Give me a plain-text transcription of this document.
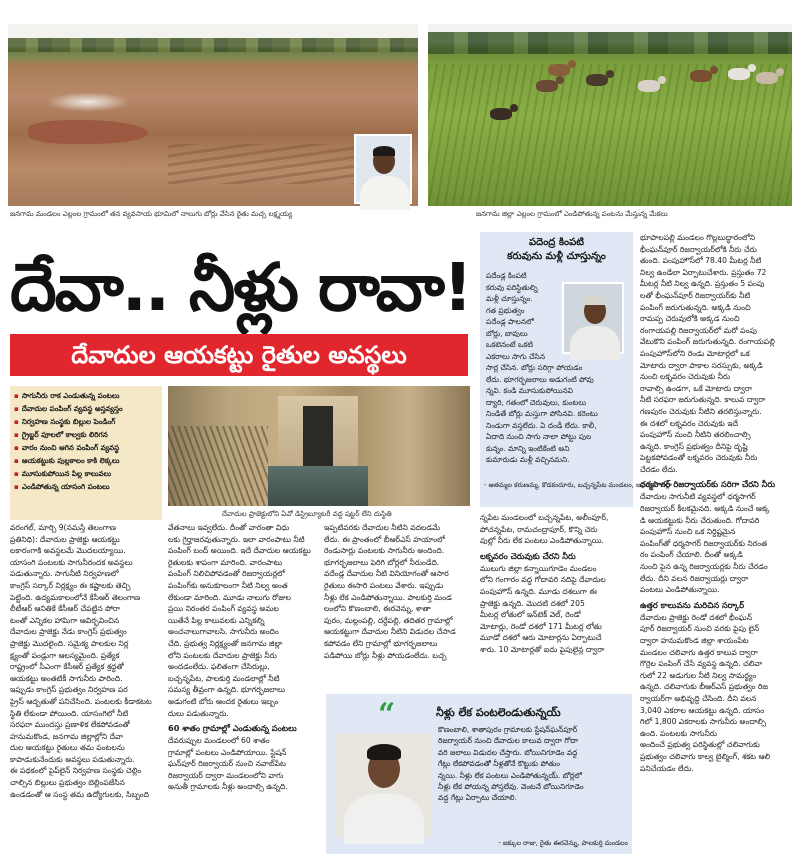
జనగామ మండలం ఎల్లంల గ్రామంలో తన వ్యవసాయ భూమిలో నాలుగు బోర్లు వేసిన రైతు మచ్చ లక్ష్మయ్య	జనగామ జిల్లా ఎల్లంల గ్రామంలో ఎండిపోతున్న పంటను మేస్తున్న మేకలు
దేవా.. నీళ్లు రావా!
దేవాదుల ఆయకట్టు రైతుల అవస్థలు
▪ సాగునీరు రాక ఎండుతున్న పంటలు
▪ దేవాదుల పంపింగ్ వ్యవస్థ అస్తవ్యస్తం
▪ నిర్వహణ సంస్థకు బిల్లుల పెండింగ్
▪ గ్రైబ్జర్ పూలలో కాల్వకు లిరిగన
▪ వారం నుంచి ఆగిన పంపింగ్ వ్యవస్థ
▪ ఆయకట్టుకు పుల్లకాలం కాకి లెక్కలు
▪ మూసుకుపోయిన పిల్ల కాలువలు
▪ ఎండిపోతున్న యాసంగి పంటలు
దేవాదుల ప్రాజెక్టులోని ఏవో డిస్ట్రిబ్యూటరీ వద్ద షట్టర్ లేని దుస్థితి
పదెంద్ర కింపటి
కరువును మళ్లీ చూస్తున్నం

పదేండ్ల కింపటి

కరువు పరిస్థితుల్ని

మళ్లీ చూస్తున్నం.

గత ప్రభుత్వం

పదేండ్ల పాలనలో

బోర్లు, బావులు

ఒకటెనంటే ఒకటి

ఎకరాలు సాగు చేసిన

సార్ల చేసిన. బోర్లు సరిగ్గా పోయడం

లేదు. భూగర్భజలాలు అడుగంటి పోవు

న్నవి. కండి మూసుకుపోయినవి

ద్యారి, గతంలో చెరువులు, కుంటలు

నిండితే బోర్లు మస్తుగా పోసినవి. కరెంటు

నిండుగా వస్తలేదు. ఏ దండీ లేదు. కాలీ,

ఏదాది నుంచి సాగు నాలా పోట్టు పుల

కున్నం. మాన్ని ఇంటికేంటి అని

కుమారుడు మళ్లీ వచ్చినమని.

- ఆతమ్మల కరుణమ్మ, కొడకందూరు, బచ్చన్నపేట మండలం, జనగామ జిల్లా

వరంగల్, మార్చి 9(నమస్తే తెలంగాణ

ప్రతినిధి): దేవాదుల ప్రాజెక్టు ఆయకట్టు

లకారంగాకి అవస్థలమే మొదలయ్యాయి.

యాసంగి పంటలకు సాగునీరందక అవస్థలు

పడుతున్నారు. సాగునీటి నిర్వహణలో

కాంగ్రెస్ సర్కార్ నిర్లక్ష్యం ఈ కష్టాలకు తెచ్చి

పెట్టింది. ఉద్యమకాలంలోనే కేసీఆర్ తెలంగాణ

లీటీఆర్ ఆనితికే కేసీఆర్ చేపట్టిన పోరా

టంతో ఎన్నికల హామిగా ఆవిర్భవించిన

దేవాదుల ప్రాజెక్టు నేడు కాంగ్రెస్ ప్రభుత్వం

ప్రాజెక్టు మొదలైంది. సమైక్య పాలకుల నిర్ల

క్ష్యంతో పండ్లుగా ఆలస్యమైంది. ప్రత్యేక

రాష్ట్రంలో సీఎంగా కేసీఆర్ ప్రత్యేక శ్రద్ధతో

ఆయకట్టు అంతటికీ సాగునీరు పారింది.

ఇప్పుడు కాంగ్రెస్ ప్రభుత్వం నిర్వహణ పర

ప్రైస్ ఆద్బతుతో పనిచేసింది. పంటలకు కీడాకటట

స్థితి లేకుండా పోయింది. యాసంగిలో నీటి

సరఫరా ముందస్తు ప్రణాళిక లేకపోవడంతో

హనుమకొండ, జనగామ జిల్లాల్లోని దేవా

దుల ఆయకట్టు రైతులు తమ పంటలను

కాపాడుకునేందుకు అవస్థలు పడుతున్నారు.

ఈ పథకంలో పైప్‌లైన్ నిర్వహణ సంస్థకు చెల్లిం

చాల్సిన బిల్లులు ప్రభుత్వం బెల్లింపజేసిన

ఉండడంతో ఆ సంస్థ తమ ఉద్యోగులకు, సిబ్బంది

వేతనాలు ఇవ్వలేదు. దీంతో వారంతా విధు

లకు గైర్హాజరవుతున్నారు. ఇలా వారంపాటు నీటి

పంపింగ్ బంద్ అయింది. ఇదే దేవాదుల ఆయకట్టు

రైతులకు శాపంగా మారింది. వారంపాటు

పంపింగ్ నిలిచిపోవడంతో రిజర్వాయర్లలో

పంపింగ్‌కు అనుకూలంగా నీటి నిల్వ అంత

లేకుండా మారింది. మూడు నాలుగు రోజుల

ప్రయి నిరంతర పంపింగ్ వ్యవస్థ అమల

యితేనే పిల్ల కాలువలకు ఎన్నికల్ని

అంచనాలుగావాలసి. సాగునీరు అందిం

చేది. ప్రభుత్వ నిర్లక్ష్యంతో జనగామ జిల్లా

లోని పంటలకు దేవాదుల ప్రాజెక్టు నీరు

అందడంలేదు. ఫలితంగా చేసిరుల్లు,

బచ్చన్నపేట, పాలకుర్తి మండలాల్లో నీటి

సమస్య తీవ్రంగా ఉన్నది. భూగర్భజలాలు

అడుగంటి బోరు ఆందక రైతులు ఇబ్బం

దులు పడుతున్నారు.

60 శాతం గ్రామాల్లో ఎండుతున్న పంటలు

దేవరుప్పుల మండలంలో 60 శాతం

గ్రామాల్లో పంటలు ఎండిపోయాయి. స్టేషన్

ఘన్‌పూర్ రిజర్వాయర్ నుంచి నవాబ్‌పేట

రిజర్వాయర్ ద్వారా మండలంలోని వాగు

అనుతీ గ్రామాలకు నీళ్లు అందాల్సి ఉన్నది.

ఇప్పటివరకు దేవాదుల నీటిని వదలడమే

లేదు. ఈ ప్రాంతంలో బీఆర్ఎస్ హయాంలో

రెండుసార్లు పంటలకు సాగునీరు అందింది.

భూగర్భజలాలు పెరిగి బోర్లలో నీరుండేది.

వదేండ్ల దేవాదుల నీటి వినియోగంతో ఆసార

రైతులు ఈసారి పంటలు వేశారు. ఇప్పుడు

నీళ్లు లేక ఎండిపోతున్నాయి. పాలకుర్తి మండ

లంలోని కొణంబాలి, ఈరవెన్ను, శాతా

పురం, మల్లంపల్లి, దర్దేపల్లి, తదితర గ్రామాల్లో

ఆయకట్టుగా దేవాదుల నీటిని విడుదల చేసాడ

కపోవడం లేని గ్రామాల్లో భూగర్భజలాలు

పడిపోయి బోర్లు నీళ్లు పోయడంలేదు. బచ్చ

న్నపేట మండలంలో బచ్చన్నపేట, అలీంపూర్,

పోచన్నపేట, రామచంద్రాపూర్, కొన్ని చెరు

వుల్లో నీరు లేక పంటలు ఎండిపోతున్నాయి.

లక్నవరం చెరువుకు చేరని నీరు

ములుగు జిల్లా కన్నాయిగూడెం మండలం

లోని గంగారం వద్ద గోదావరి నదిపై దేవాదుల

పంపుహౌస్ ఉన్నది. మూడు దశలుగా ఈ

ప్రాజెక్టు ఉన్నది. మొదటి దశలో 205

మీటర్ల లోతులో ఇన్‌టెక్ వెల్, రెండో

మోటార్లు, రెండో దశలో 171 మీటర్ల లోతు

మూడో దశలో ఆరు మోటార్లను ఏర్పాటుచే

శారు. 10 మోటార్లతో ఐదు పైపులైన్ల ద్వారా

“	నీళ్లు లేక పంటలెండుతున్నయ్

కొణంబాలి, శాతాపురం గ్రామాలకు స్టేషన్‌ఘన్‌పూర్

రిజర్వాయర్ నుంచి దేవాదుల కాలువ ద్వారా గోదా

వరి జలాలు విడుదల చేస్తారు. బోయినిగూడెం వద్ద

గేట్లు లేకపోవడంతో నీళ్లతోనే కొట్టుకు పోతుం

న్నయి. నీళ్లు లేక పంటలు ఎండిపోతున్నయ్. బోర్లలో

నీళ్లు లేక పోయన్న పోస్తలేవు. వెంటనే బోయినిగూడెం

వద్ద గేట్లు ఏర్పాటు చేయాలి.

- జక్కుల రాజు, రైతు ఈరవెన్ను, పాలకుర్తి మండలం

భూపాలపల్లి మండలం గొల్లబుద్ధారంలోని

భీంఘన్‌పూర్ రిజర్వాయర్‌లోకి నీరు చేరు

తుంది. పంపుహౌస్‌లో 78.40 మీటర్ల నీటి

నిల్వ ఉండేలా ఏర్పాటుచేశారు. ప్రస్తుతం 72

మీటర్ల నీటి నిల్వ ఉన్నది. ప్రస్తుతం 5 పంపు

లతో భీంఘన్‌పూర్ రిజర్వాయర్‌కు నీటి

పంపింగ్ జరుగుతున్నది. అక్కడి నుంచి

రామప్ప చెరువులోకి అక్కడ నుంచి

రంగాయపల్లి రిజర్వాయర్‌లో మరో పంపు

వేటుకొని పంపింగ్ జరుగుతున్నది. రంగాయపల్లి

పంపుహౌస్‌లోని రెండు మోటార్లలో ఒక

మోటారు ద్వారా పాకాల సరస్సుకు, అక్కడి

నుంచి లక్నవరం చెరువుకు నీరు

రావాల్సి ఉండగా, ఒకే మోటారు ద్వారా

నీటి సరఫరా జరుగుతున్నది. కాలువ ద్వారా

గణపురం చెరువుకు నీటిని తరలిస్తున్నారు.

ఈ దశలో లక్నవరం చెరువుకు ఇదే

పంపుహౌస్ నుంచి నీటిని తరలించాల్సి

ఉన్నది. కాంగ్రెస్ ప్రభుత్వం దీనిపై దృష్టి

పెట్టకపోవడంతో లక్నవరం చెరువుకు నీరు

చేరడం లేదు.

ధర్మసాగర్ రిజర్వాయర్‌కు సరిగా చేరని నీరు

దేవాదుల సాగునీటి వ్యవస్థలో ధర్మసాగర్

రిజర్వాయర్ కీలకమైనది. అక్కడి నుంచే ఆక్క

డి ఆయకట్టుకు నీరు చేరుతుంది. గోదావరి

పంపుహౌస్ నుంచి ఒక నిర్దిష్టమైన

పంపింగ్‌తో ధర్మసాగర్ రిజర్వాయర్‌కు నిరంత

రం పంపింగ్ చేయాలి. దీంతో అక్కడి

నుంచి పైన ఉన్న రిజర్వాయర్లకు నీరు చేరడం

లేదు. దీని వలన రిజర్వాయర్లు ద్వారా

పంటలు ఎండిపోతున్నాయి.

ఉత్తర కాలువను మరిచిన సర్కార్

దేవాదుల ప్రాజెక్టు రెండో దశలో భీంఘన్

పూర్ రిజర్వాయర్ నుంచి వరకు పైపు లైన్

ద్వారా హనుమకొండ జిల్లా శాయంపేట

మండలం చలివాగు ఉత్తర కాలువ ద్వారా

గొర్రెల పంపింగ్ చేసే వ్యవస్థ ఉన్నది. చలివా

గులో 22 అడుగుల నీటి నిల్వ సామర్థ్యం

ఉన్నది. చలివాగుకు బీఆర్ఎస్ ప్రభుత్వం రిజ

ర్వాయర్‌గా అభివృద్ధి చేసింది. దీని వలన

3,040 ఎకరాల ఆయకట్టు ఉన్నది. యాసం

గిలో 1,800 ఎకరాలకు సాగునీరు అందాల్సి

ఉంది. పంటలకు సాగునీరు

అందించే ప్రభుత్వ పరిస్థితుల్లో చలివాగుకు

ప్రభుత్వం చలివాగు కాల్వ బైల్మింగ్, శకట ఆలి

పనిచేయడం లేదు.
